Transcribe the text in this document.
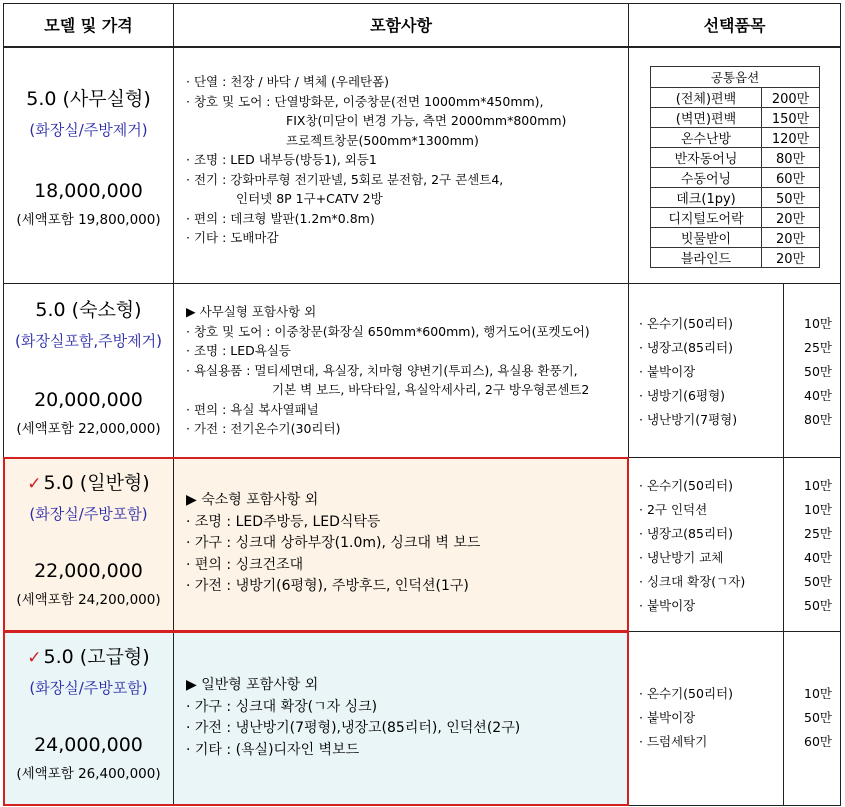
모델 및 가격	포함사항	선택품목
5.0 (사무실형)
(화장실/주방제거)
18,000,000
(세액포함 19,800,000)
· 단열 : 천장 / 바닥 / 벽체 (우레탄폼)
· 창호 및 도어 : 단열방화문, 이중창문(전면 1000mm*450mm),
FIX창(미닫이 변경 가능, 측면 2000mm*800mm)
프로젝트창문(500mm*1300mm)
· 조명 : LED 내부등(방등1), 외등1
· 전기 : 강화마루형 전기판넬, 5회로 분전함, 2구 콘센트4,
인터넷 8P 1구+CATV 2방
· 편의 : 데크형 발판(1.2m*0.8m)
· 기타 : 도배마감
공통옵션	
(전체)편백	200만
(벽면)편백	150만
온수난방	120만
반자동어닝	80만
수동어닝	60만
데크(1py)	50만
디지털도어락	20만
빗물받이	20만
블라인드	20만
5.0 (숙소형)
(화장실포함,주방제거)
20,000,000
(세액포함 22,000,000)
▶ 사무실형 포함사항 외
· 창호 및 도어 : 이중창문(화장실 650mm*600mm), 행거도어(포켓도어)
· 조명 : LED욕실등
· 욕실용품 : 멀티세면대, 욕실장, 치마형 양변기(투피스), 욕실용 환풍기,
기본 벽 보드, 바닥타일, 욕실악세사리, 2구 방우형콘센트2
· 편의 : 욕실 복사열패널
· 가전 : 전기온수기(30리터)
· 온수기(50리터)	10만
· 냉장고(85리터)	25만
· 붙박이장	50만
· 냉방기(6평형)	40만
· 냉난방기(7평형)	80만
✓ 5.0 (일반형)
(화장실/주방포함)
22,000,000
(세액포함 24,200,000)
▶ 숙소형 포함사항 외
· 조명 : LED주방등, LED식탁등
· 가구 : 싱크대 상하부장(1.0m), 싱크대 벽 보드
· 편의 : 싱크건조대
· 가전 : 냉방기(6평형), 주방후드, 인덕션(1구)
· 온수기(50리터)	10만
· 2구 인덕션	10만
· 냉장고(85리터)	25만
· 냉난방기 교체	40만
· 싱크대 확장(ㄱ자)	50만
· 붙박이장	50만
✓ 5.0 (고급형)
(화장실/주방포함)
24,000,000
(세액포함 26,400,000)
▶ 일반형 포함사항 외
· 가구 : 싱크대 확장(ㄱ자 싱크)
· 가전 : 냉난방기(7평형),냉장고(85리터), 인덕션(2구)
· 기타 : (욕실)디자인 벽보드
· 온수기(50리터)	10만
· 붙박이장	50만
· 드럼세탁기	60만
